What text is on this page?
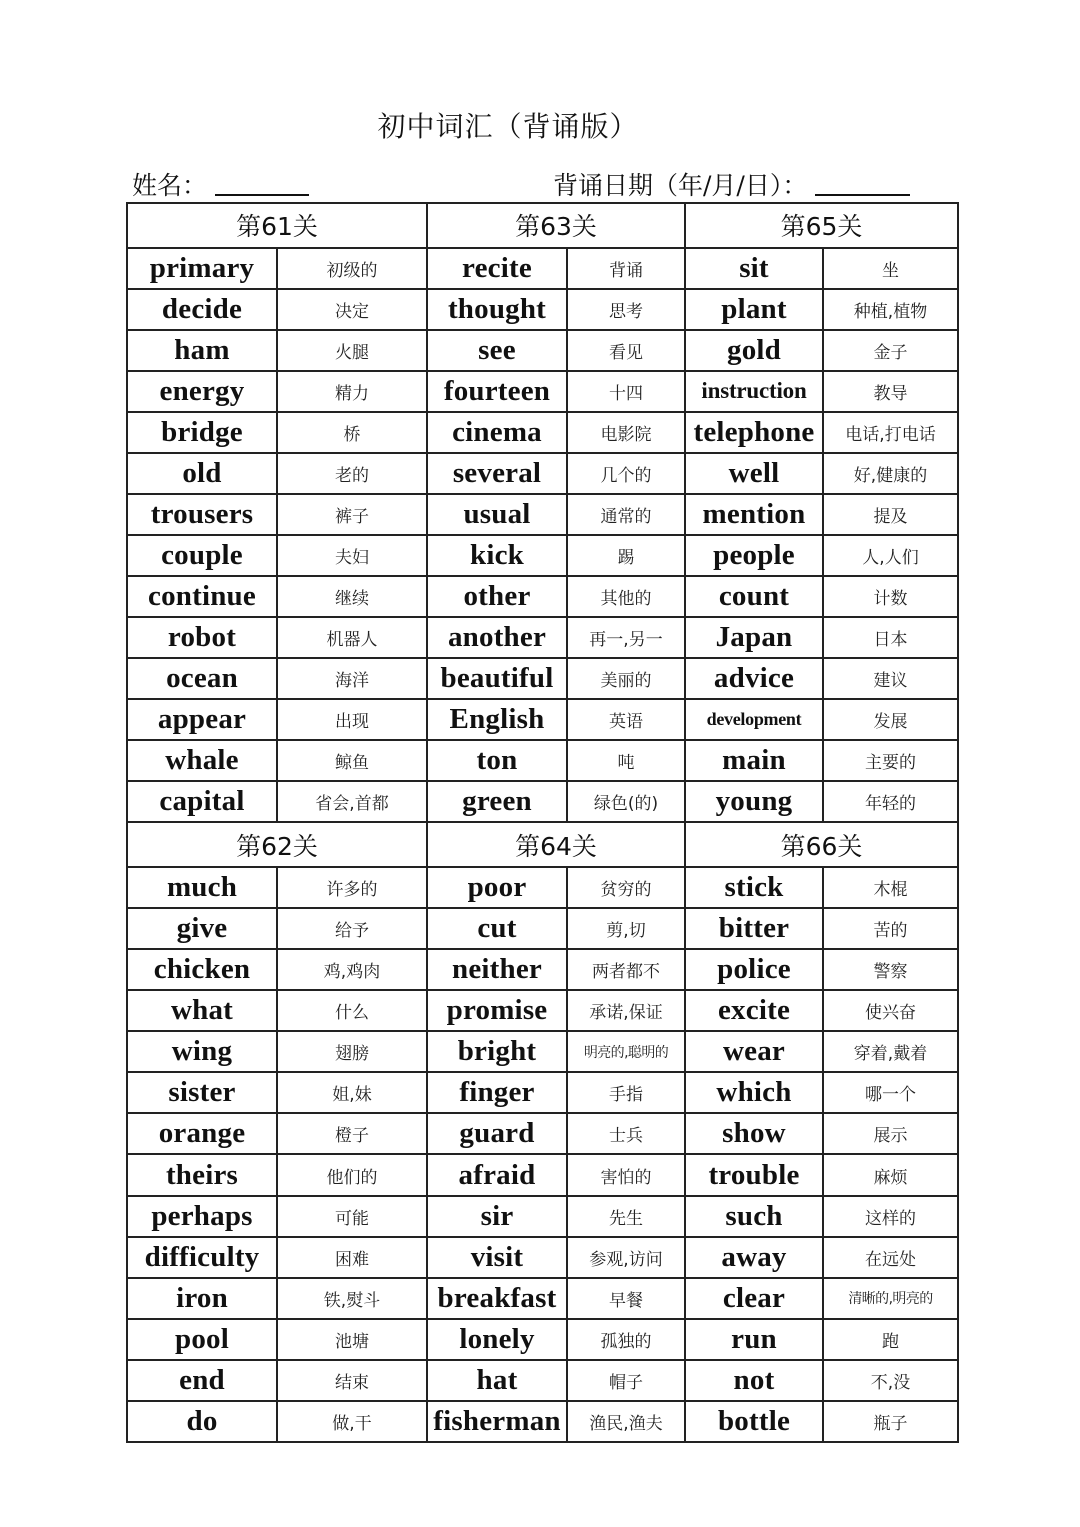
初中词汇（背诵版）
姓名：	背诵日期（年/月/日）：
第61关		第63关		第65关	
primary	初级的	recite	背诵	sit	坐
decide	决定	thought	思考	plant	种植,植物
ham	火腿	see	看见	gold	金子
energy	精力	fourteen	十四	instruction	教导
bridge	桥	cinema	电影院	telephone	电话,打电话
old	老的	several	几个的	well	好,健康的
trousers	裤子	usual	通常的	mention	提及
couple	夫妇	kick	踢	people	人,人们
continue	继续	other	其他的	count	计数
robot	机器人	another	再一,另一	Japan	日本
ocean	海洋	beautiful	美丽的	advice	建议
appear	出现	English	英语	development	发展
whale	鲸鱼	ton	吨	main	主要的
capital	省会,首都	green	绿色(的)	young	年轻的
第62关		第64关		第66关	
much	许多的	poor	贫穷的	stick	木棍
give	给予	cut	剪,切	bitter	苦的
chicken	鸡,鸡肉	neither	两者都不	police	警察
what	什么	promise	承诺,保证	excite	使兴奋
wing	翅膀	bright	明亮的,聪明的	wear	穿着,戴着
sister	姐,妹	finger	手指	which	哪一个
orange	橙子	guard	士兵	show	展示
theirs	他们的	afraid	害怕的	trouble	麻烦
perhaps	可能	sir	先生	such	这样的
difficulty	困难	visit	参观,访问	away	在远处
iron	铁,熨斗	breakfast	早餐	clear	清晰的,明亮的
pool	池塘	lonely	孤独的	run	跑
end	结束	hat	帽子	not	不,没
do	做,干	fisherman	渔民,渔夫	bottle	瓶子
